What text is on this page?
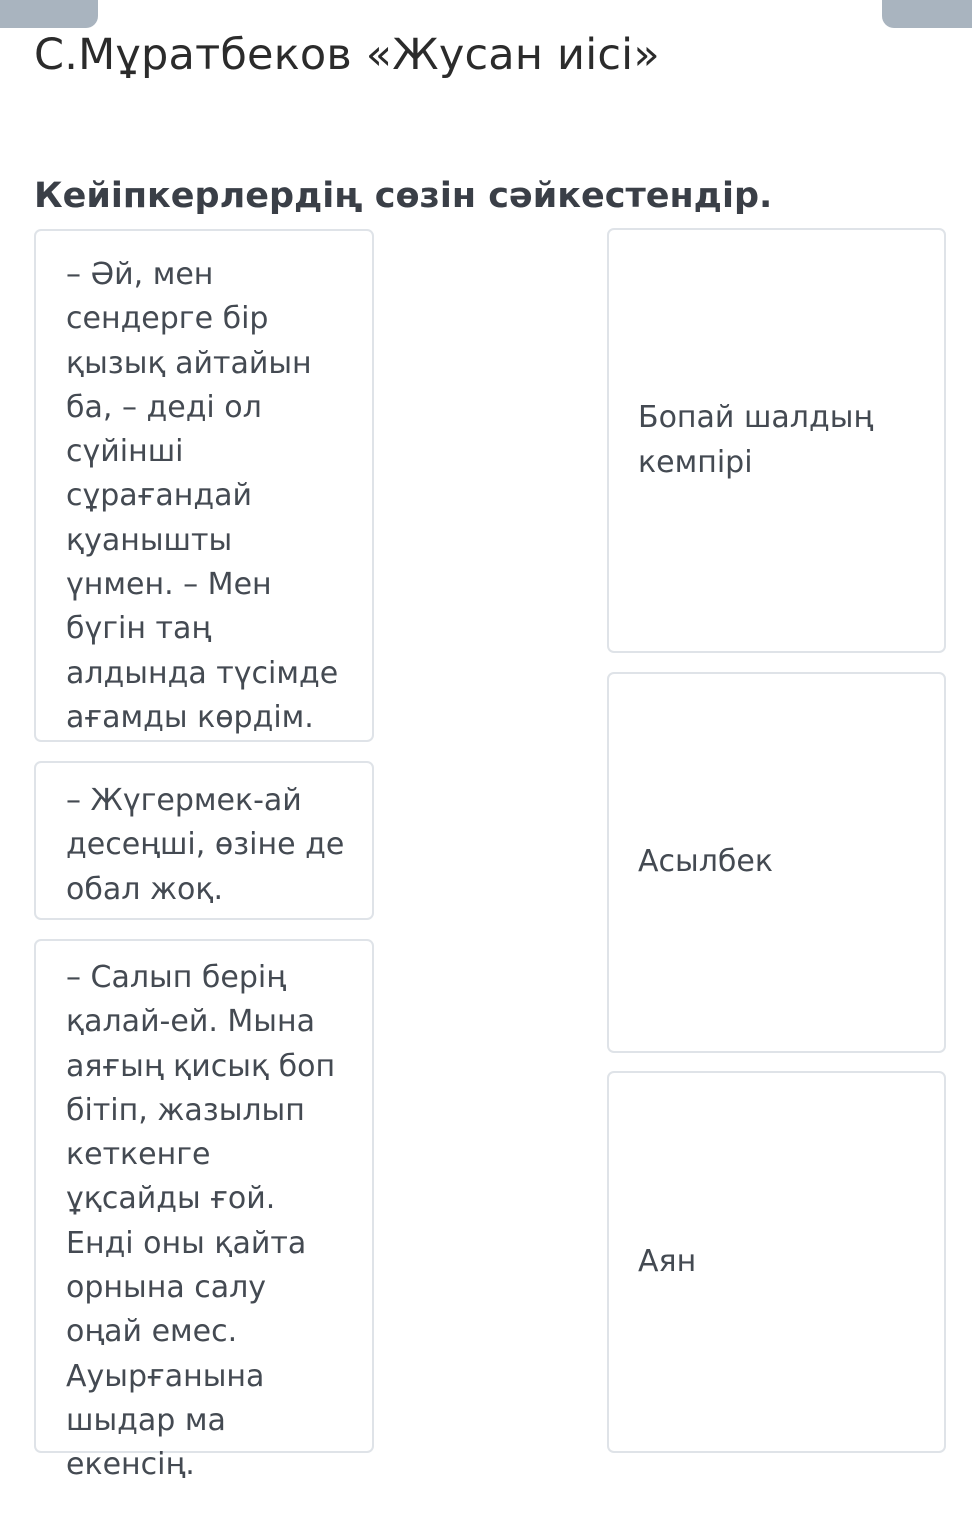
С.Мұратбеков «Жусан иісі»
Кейіпкерлердің сөзін сәйкестендір.
– Әй, мен сендерге бір қызық айтайын ба, – деді ол сүйінші сұрағандай қуанышты үнмен. – Мен бүгін таң алдында түсімде ағамды көрдім.
– Жүгермек-ай десеңші, өзіне де обал жоқ.
– Салып берің қалай-ей. Мына аяғың қисық боп бітіп, жазылып кеткенге ұқсайды ғой. Енді оны қайта орнына салу оңай емес. Ауырғанына шыдар ма екенсің.
Бопай шалдың кемпірі
Асылбек
Аян
